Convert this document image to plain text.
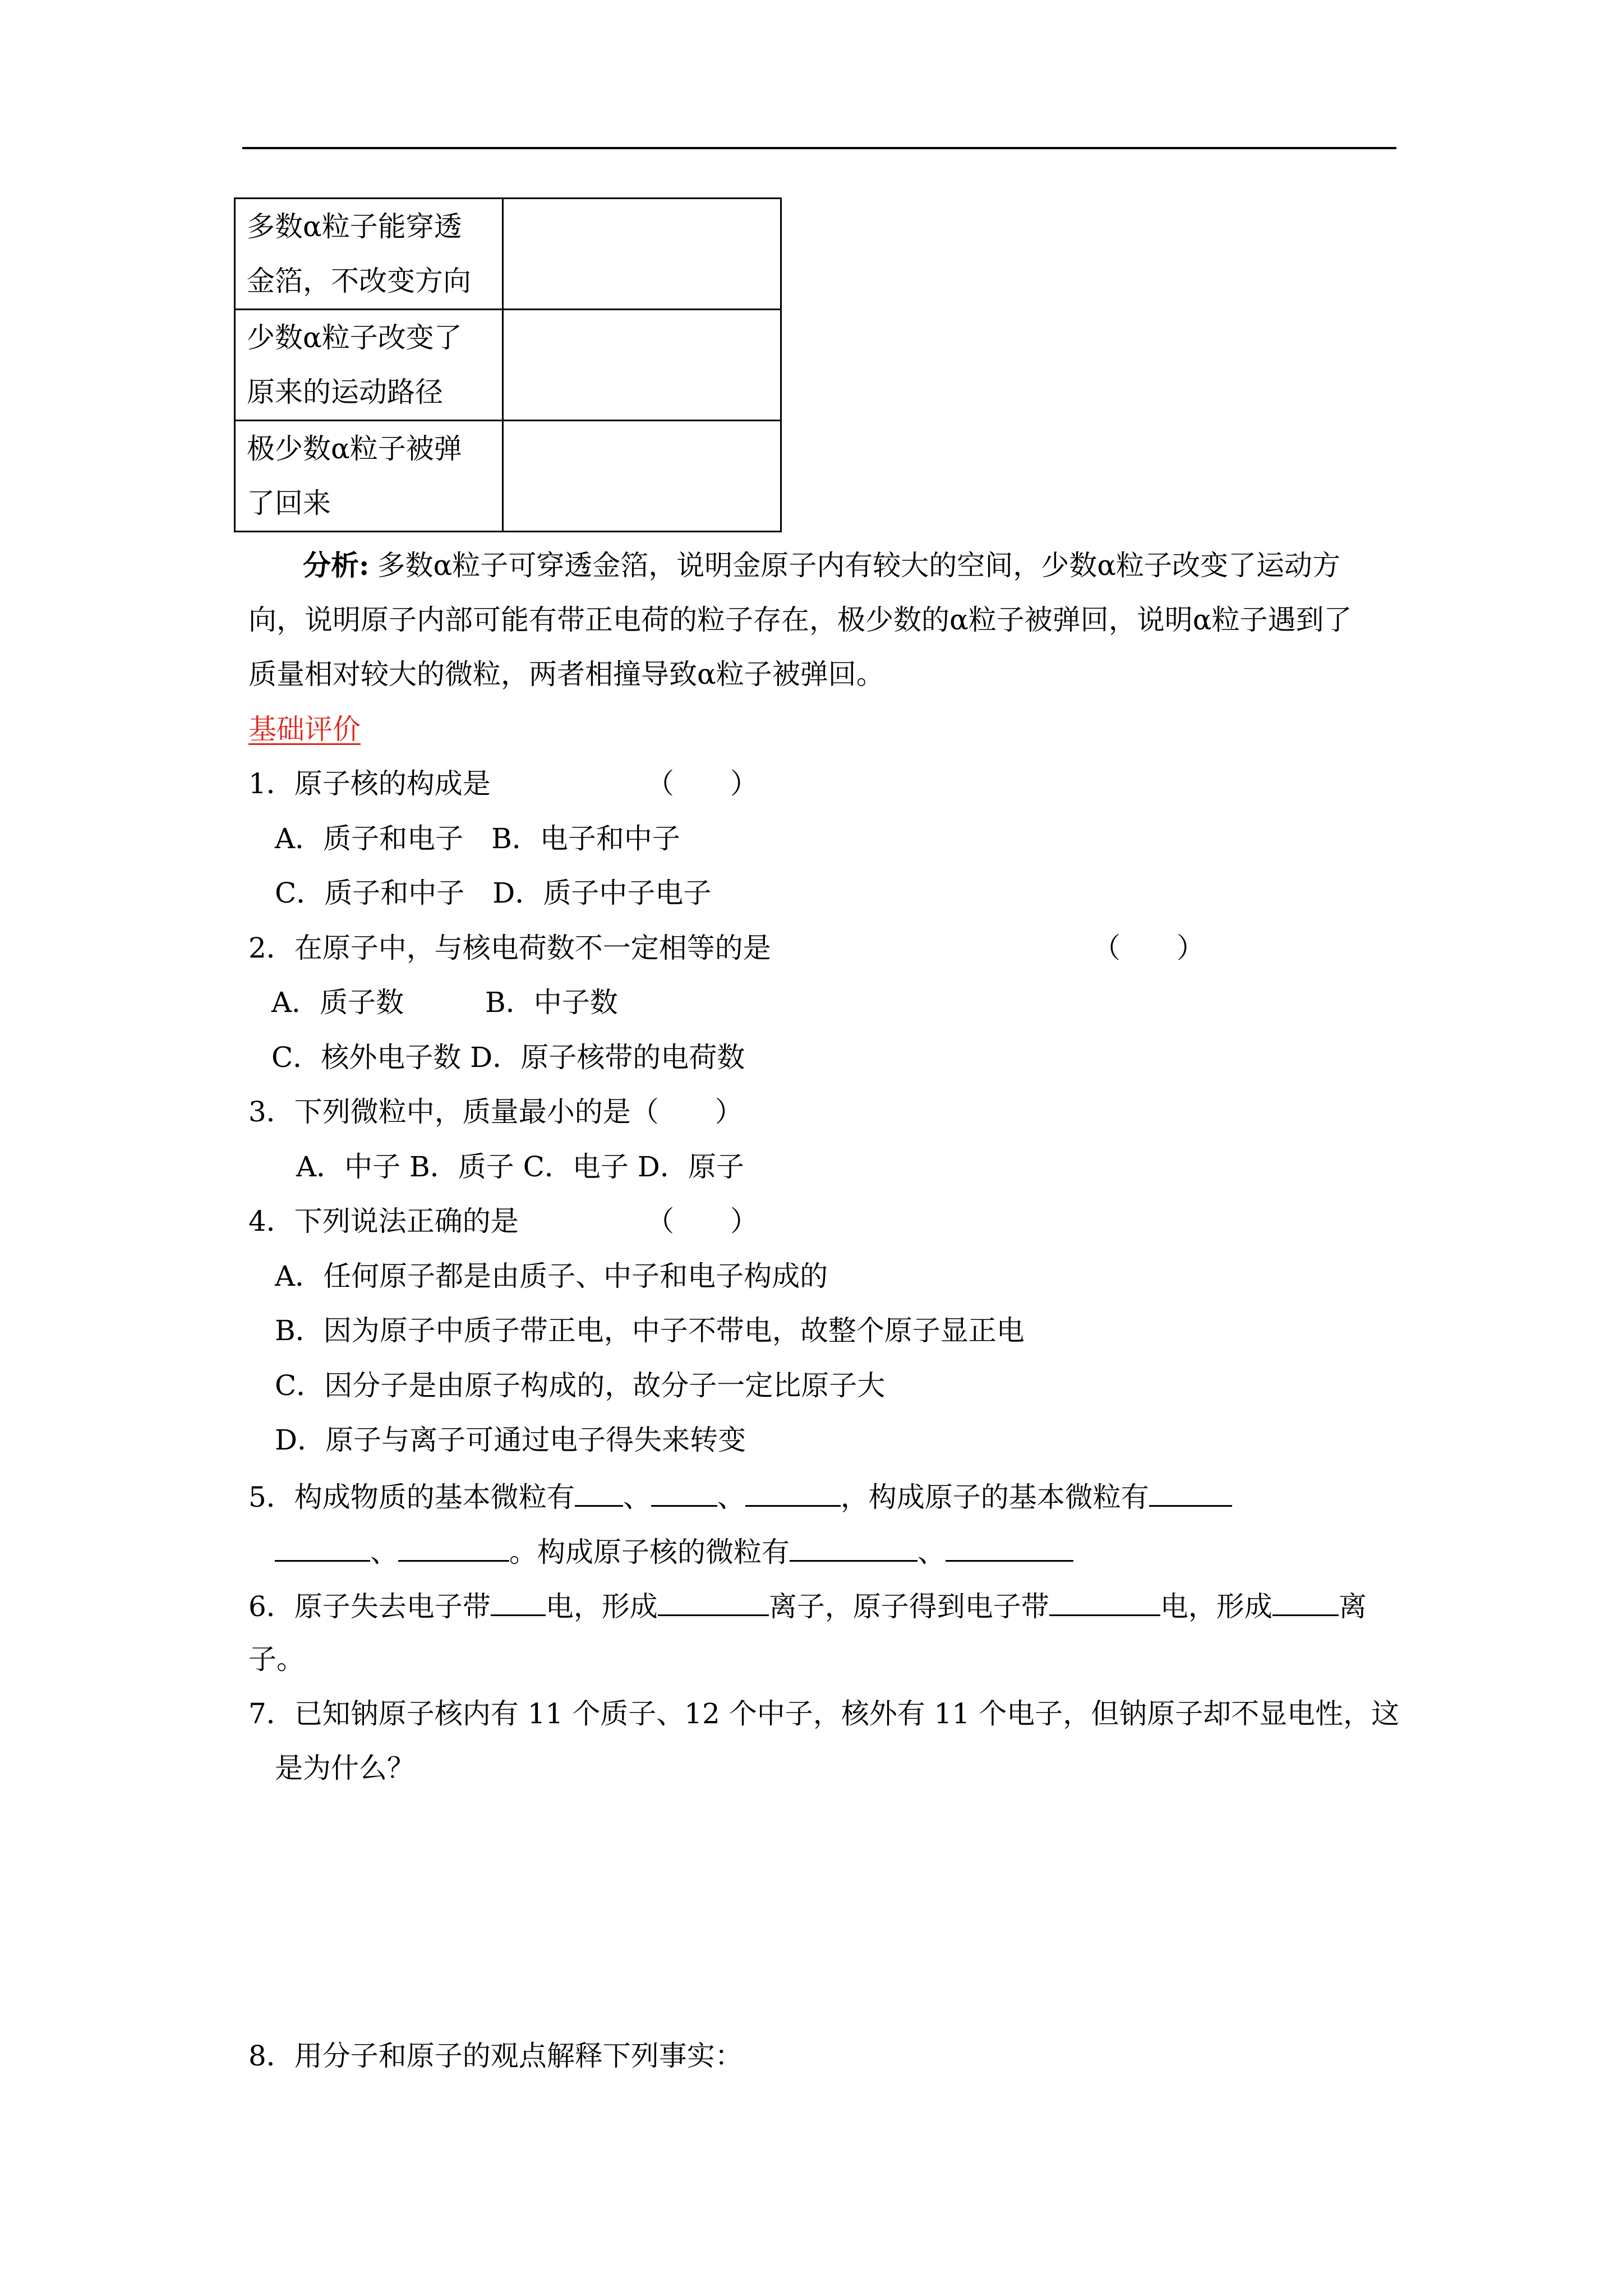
多数α粒子能穿透
金箔，不改变方向	

少数α粒子改变了
原来的运动路径	

极少数α粒子被弹
了回来	

分析: 多数α粒子可穿透金箔，说明金原子内有较大的空间，少数α粒子改变了运动方
向，说明原子内部可能有带正电荷的粒子存在，极少数的α粒子被弹回，说明α粒子遇到了
质量相对较大的微粒，两者相撞导致α粒子被弹回。
基础评价
1．原子核的构成是	（　　）
A．质子和电子　B．电子和中子
C．质子和中子　D．质子中子电子
2．在原子中，与核电荷数不一定相等的是	（　　）
A．质子数	B．中子数
C．核外电子数 D．原子核带的电荷数
3．下列微粒中，质量最小的是（　　）
A．中子 B．质子 C．电子 D．原子
4．下列说法正确的是	（　　）
A．任何原子都是由质子、中子和电子构成的
B．因为原子中质子带正电，中子不带电，故整个原子显正电
C．因分子是由原子构成的，故分子一定比原子大
D．原子与离子可通过电子得失来转变
5．构成物质的基本微粒有 、 、	，构成原子的基本微粒有
、	。构成原子核的微粒有	、
6．原子失去电子带 电，形成	离子，原子得到电子带	电，形成 离
子。
7．已知钠原子核内有 11 个质子、12 个中子，核外有 11 个电子，但钠原子却不显电性，这
是为什么？
8．用分子和原子的观点解释下列事实：
